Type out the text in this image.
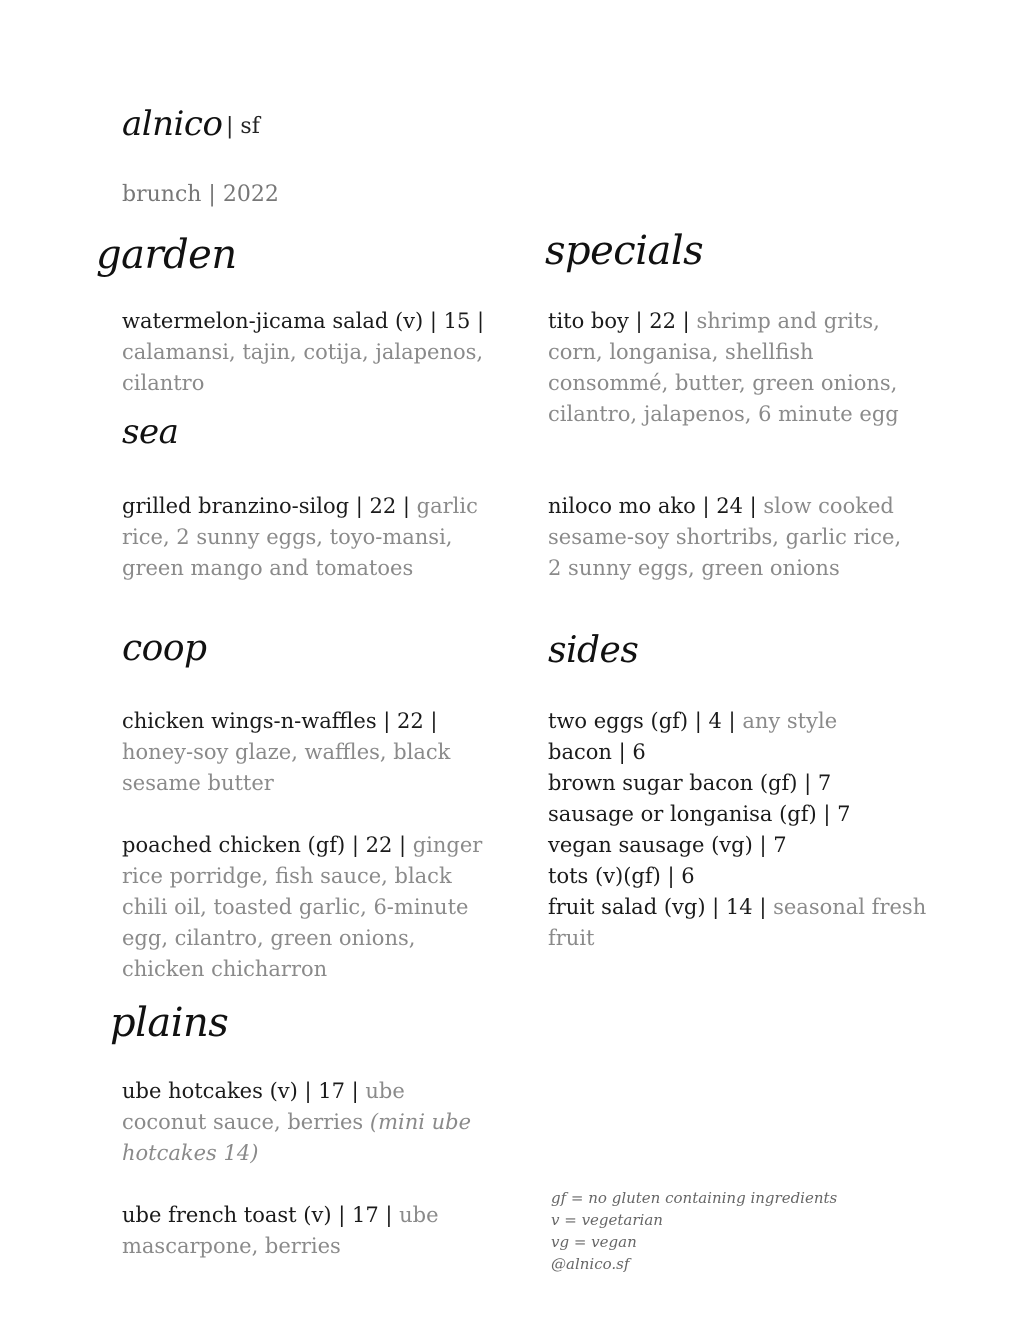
alnico | sf
brunch | 2022
garden
watermelon-jicama salad (v) | 15 | calamansi, tajin, cotija, jalapenos, cilantro
sea
grilled branzino-silog | 22 | garlic rice, 2 sunny eggs, toyo-mansi, green mango and tomatoes
coop
chicken wings-n-waffles | 22 | honey-soy glaze, waffles, black sesame butter
poached chicken (gf) | 22 | ginger rice porridge, fish sauce, black chili oil, toasted garlic, 6-minute egg, cilantro, green onions, chicken chicharron
plains
ube hotcakes (v) | 17 | ube coconut sauce, berries (mini ube hotcakes 14)
ube french toast (v) | 17 | ube mascarpone, berries
specials
tito boy | 22 | shrimp and grits, corn, longanisa, shellfish consommé, butter, green onions, cilantro, jalapenos, 6 minute egg
niloco mo ako | 24 | slow cooked sesame-soy shortribs, garlic rice, 2 sunny eggs, green onions
sides
two eggs (gf) | 4 | any style
bacon | 6
brown sugar bacon (gf) | 7
sausage or longanisa (gf) | 7
vegan sausage (vg) | 7
tots (v)(gf) | 6
fruit salad (vg) | 14 | seasonal fresh fruit
gf = no gluten containing ingredients
v = vegetarian
vg = vegan
@alnico.sf
